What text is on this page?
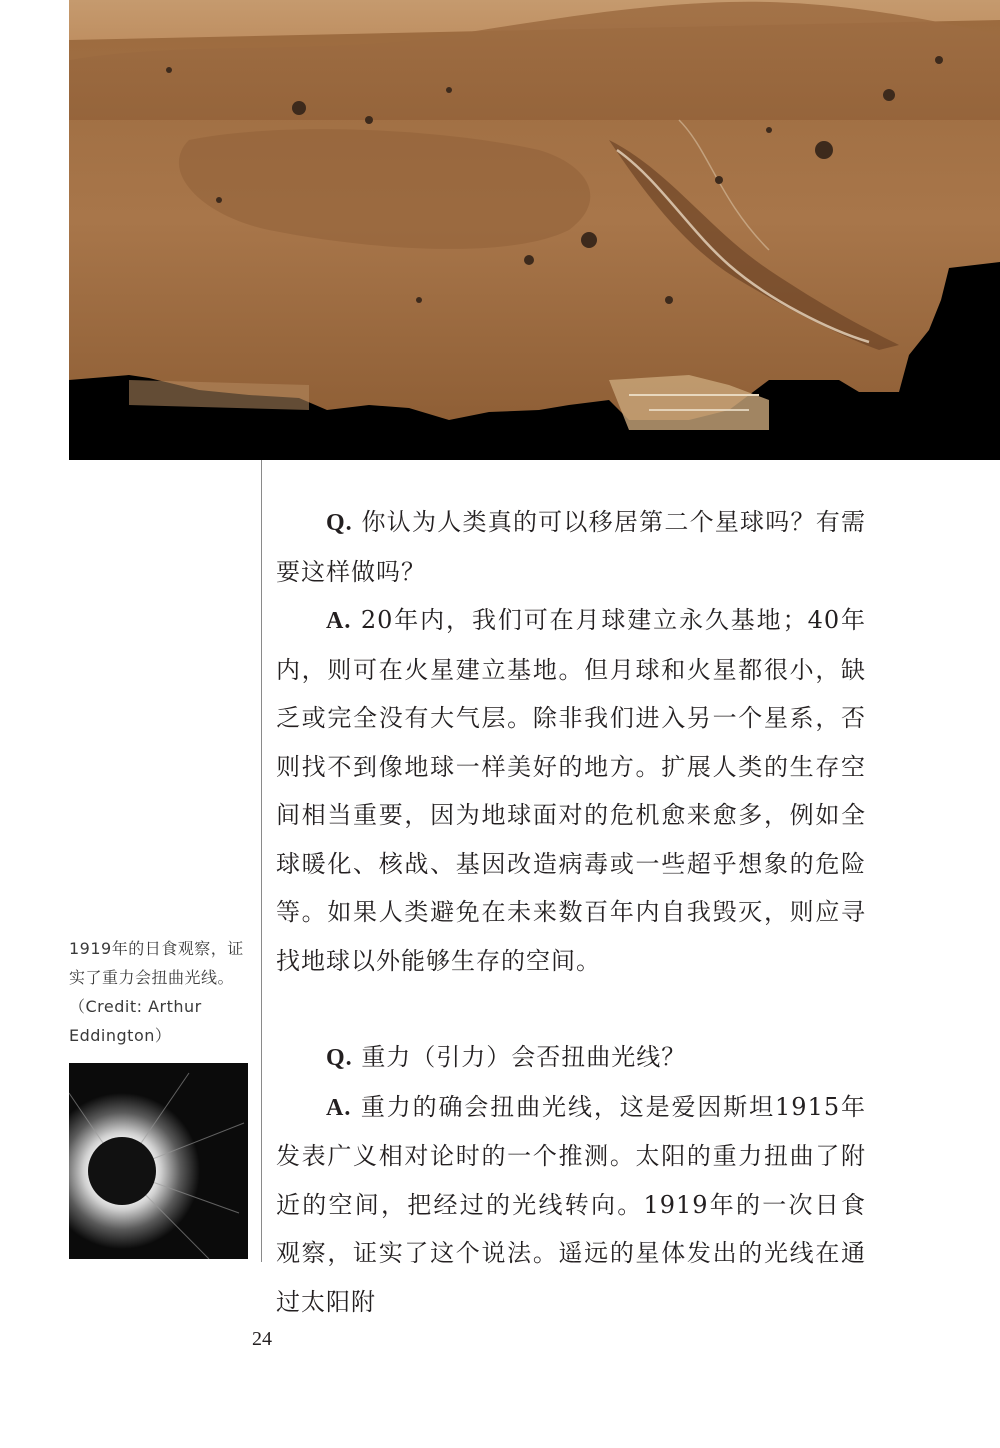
Q. 你认为人类真的可以移居第二个星球吗？有需要这样做吗？

A. 20年内，我们可在月球建立永久基地；40年内，则可在火星建立基地。但月球和火星都很小，缺乏或完全没有大气层。除非我们进入另一个星系，否则找不到像地球一样美好的地方。扩展人类的生存空间相当重要，因为地球面对的危机愈来愈多，例如全球暖化、核战、基因改造病毒或一些超乎想象的危险等。如果人类避免在未来数百年内自我毁灭，则应寻找地球以外能够生存的空间。

Q. 重力（引力）会否扭曲光线？

A. 重力的确会扭曲光线，这是爱因斯坦1915年发表广义相对论时的一个推测。太阳的重力扭曲了附近的空间，把经过的光线转向。1919年的一次日食观察，证实了这个说法。遥远的星体发出的光线在通过太阳附

1919年的日食观察，证实了重力会扭曲光线。（Credit: Arthur Eddington）
24
